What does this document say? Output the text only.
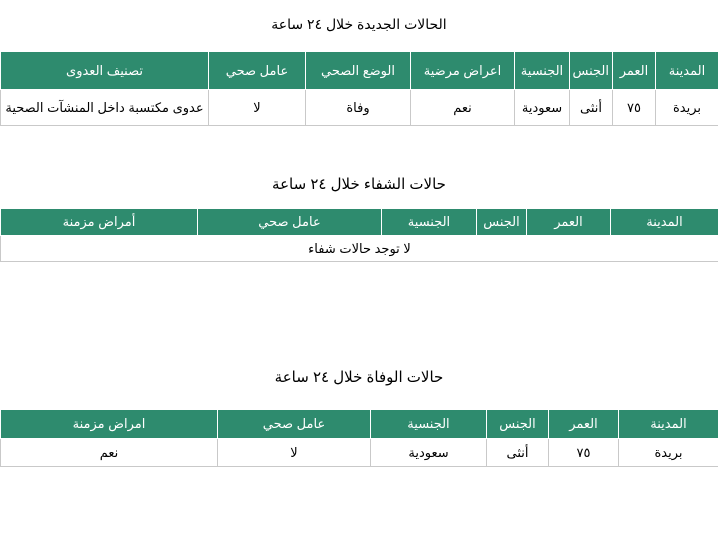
الحالات الجديدة خلال ٢٤ ساعة
المدينة	العمر	الجنس	الجنسية	اعراض مرضية	الوضع الصحي	عامل صحي	تصنيف العدوى
بريدة	٧٥	أنثى	سعودية	نعم	وفاة	لا	عدوى مكتسبة داخل المنشآت الصحية
حالات الشفاء خلال ٢٤ ساعة
المدينة	العمر	الجنس	الجنسية	عامل صحي	أمراض مزمنة
لا توجد حالات شفاء
حالات الوفاة خلال ٢٤ ساعة
المدينة	العمر	الجنس	الجنسية	عامل صحي	امراض مزمنة
بريدة	٧٥	أنثى	سعودية	لا	نعم
